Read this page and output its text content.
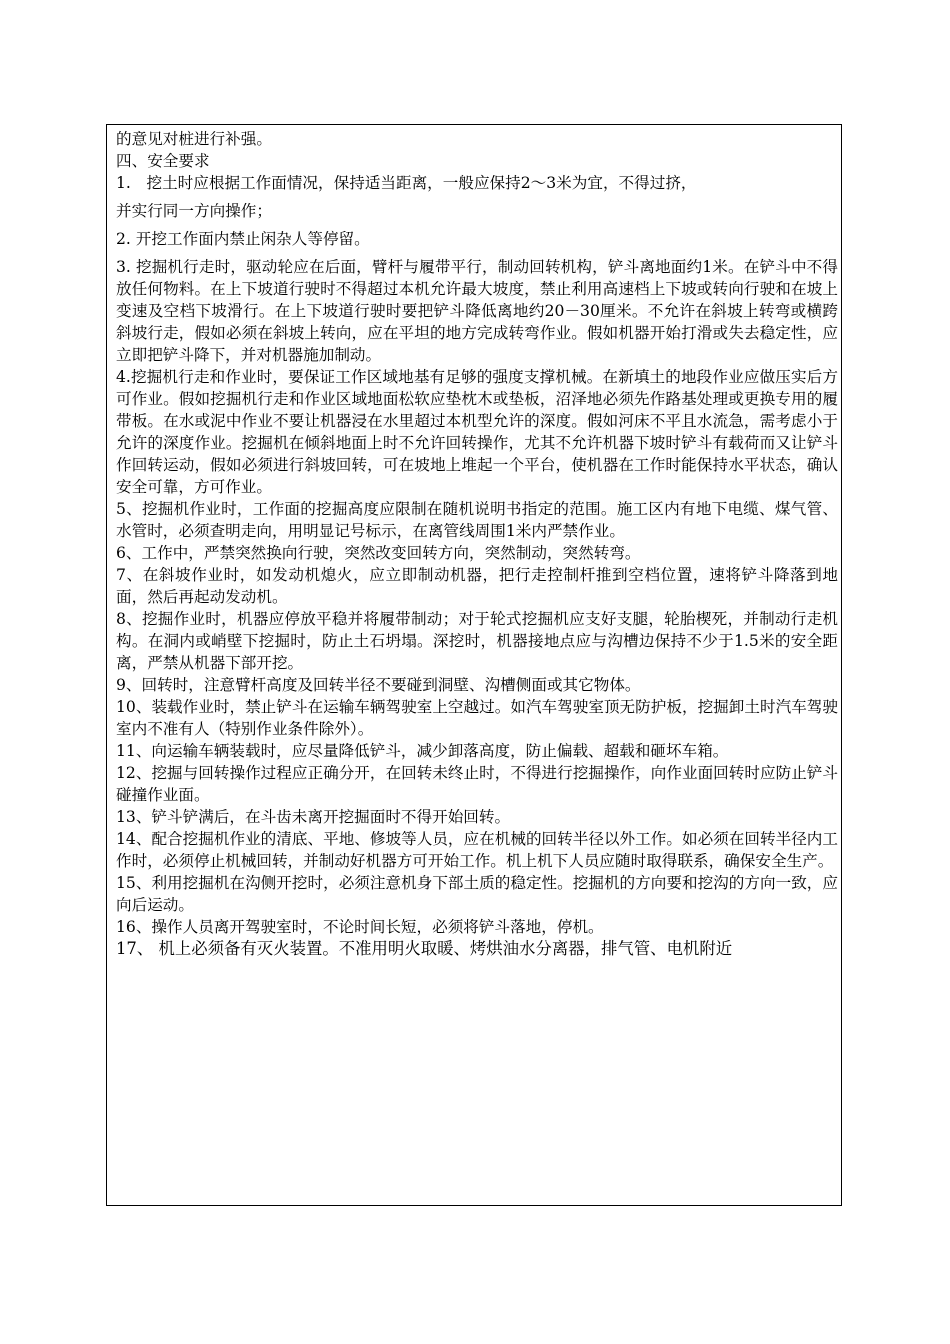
的意见对桩进行补强。

四、安全要求

1.　挖土时应根据工作面情况，保持适当距离，一般应保持2～3米为宜，不得过挤，

并实行同一方向操作；

2. 开挖工作面内禁止闲杂人等停留。

3. 挖掘机行走时，驱动轮应在后面，臂杆与履带平行，制动回转机构，铲斗离地面约1米。在铲斗中不得放任何物料。在上下坡道行驶时不得超过本机允许最大坡度，禁止利用高速档上下坡或转向行驶和在坡上变速及空档下坡滑行。在上下坡道行驶时要把铲斗降低离地约20－30厘米。不允许在斜坡上转弯或横跨斜坡行走，假如必须在斜坡上转向，应在平坦的地方完成转弯作业。假如机器开始打滑或失去稳定性，应立即把铲斗降下，并对机器施加制动。

4.挖掘机行走和作业时，要保证工作区域地基有足够的强度支撑机械。在新填土的地段作业应做压实后方可作业。假如挖掘机行走和作业区域地面松软应垫枕木或垫板，沼泽地必须先作路基处理或更换专用的履带板。在水或泥中作业不要让机器浸在水里超过本机型允许的深度。假如河床不平且水流急，需考虑小于允许的深度作业。挖掘机在倾斜地面上时不允许回转操作，尤其不允许机器下坡时铲斗有载荷而又让铲斗作回转运动，假如必须进行斜坡回转，可在坡地上堆起一个平台，使机器在工作时能保持水平状态，确认安全可靠，方可作业。

5、挖掘机作业时，工作面的挖掘高度应限制在随机说明书指定的范围。施工区内有地下电缆、煤气管、水管时，必须查明走向，用明显记号标示，在离管线周围1米内严禁作业。

6、工作中，严禁突然换向行驶，突然改变回转方向，突然制动，突然转弯。

7、在斜坡作业时，如发动机熄火，应立即制动机器，把行走控制杆推到空档位置，速将铲斗降落到地面，然后再起动发动机。

8、挖掘作业时，机器应停放平稳并将履带制动；对于轮式挖掘机应支好支腿，轮胎楔死，并制动行走机构。在洞内或峭壁下挖掘时，防止土石坍塌。深挖时，机器接地点应与沟槽边保持不少于1.5米的安全距离，严禁从机器下部开挖。

9、回转时，注意臂杆高度及回转半径不要碰到洞壁、沟槽侧面或其它物体。

10、装载作业时，禁止铲斗在运输车辆驾驶室上空越过。如汽车驾驶室顶无防护板，挖掘卸土时汽车驾驶室内不准有人（特别作业条件除外）。

11、向运输车辆装载时，应尽量降低铲斗，减少卸落高度，防止偏载、超载和砸坏车箱。

12、挖掘与回转操作过程应正确分开，在回转未终止时，不得进行挖掘操作，向作业面回转时应防止铲斗碰撞作业面。

13、铲斗铲满后，在斗齿未离开挖掘面时不得开始回转。

14、配合挖掘机作业的清底、平地、修坡等人员，应在机械的回转半径以外工作。如必须在回转半径内工作时，必须停止机械回转，并制动好机器方可开始工作。机上机下人员应随时取得联系，确保安全生产。

15、利用挖掘机在沟侧开挖时，必须注意机身下部土质的稳定性。挖掘机的方向要和挖沟的方向一致，应向后运动。

16、操作人员离开驾驶室时，不论时间长短，必须将铲斗落地，停机。

17、 机上必须备有灭火装置。不准用明火取暖、烤烘油水分离器，排气管、电机附近
